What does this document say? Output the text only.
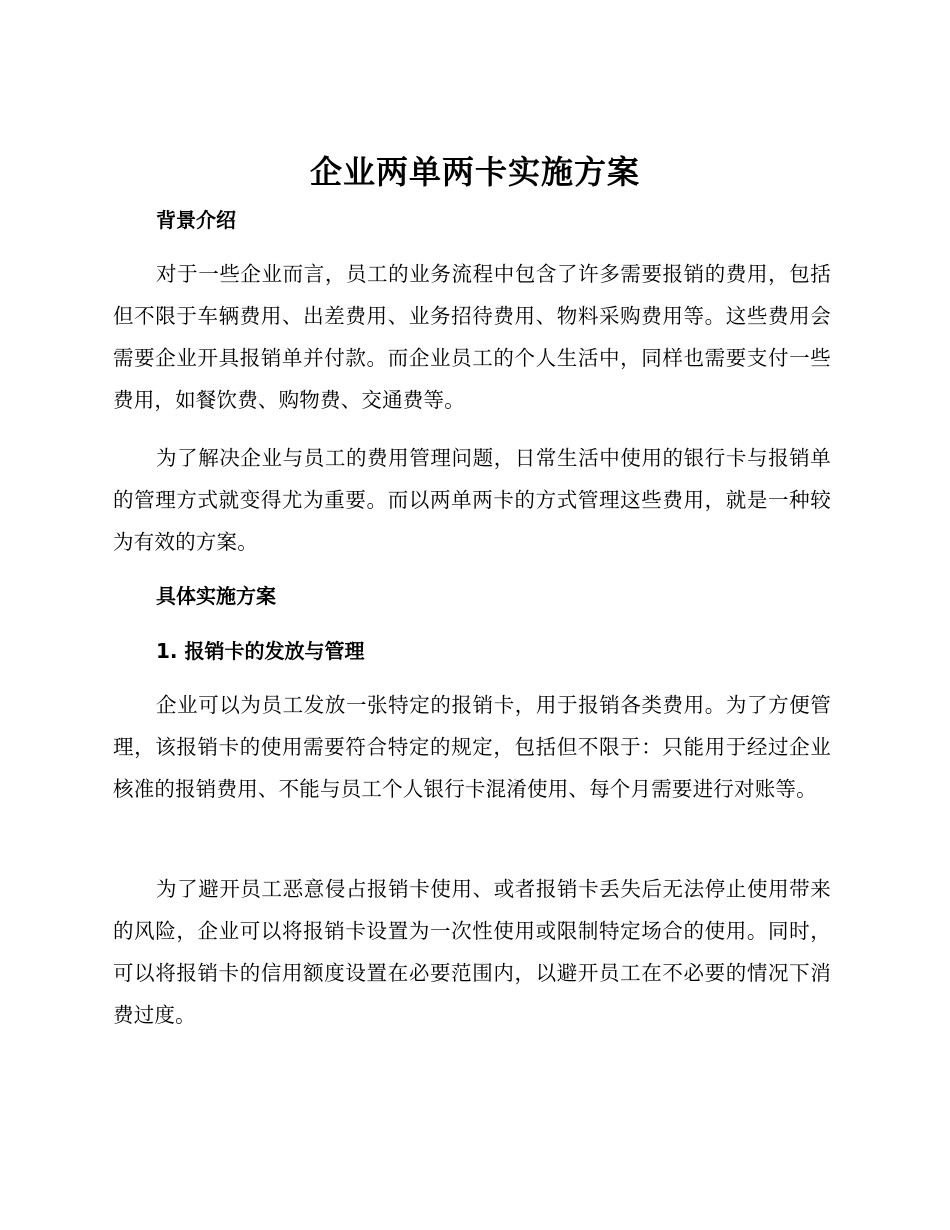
企业两单两卡实施方案
背景介绍

对于一些企业而言，员工的业务流程中包含了许多需要报销的费用，包括但不限于车辆费用、出差费用、业务招待费用、物料采购费用等。这些费用会需要企业开具报销单并付款。而企业员工的个人生活中，同样也需要支付一些费用，如餐饮费、购物费、交通费等。

为了解决企业与员工的费用管理问题，日常生活中使用的银行卡与报销单的管理方式就变得尤为重要。而以两单两卡的方式管理这些费用，就是一种较为有效的方案。

具体实施方案
1. 报销卡的发放与管理

企业可以为员工发放一张特定的报销卡，用于报销各类费用。为了方便管理，该报销卡的使用需要符合特定的规定，包括但不限于：只能用于经过企业核准的报销费用、不能与员工个人银行卡混淆使用、每个月需要进行对账等。

为了避开员工恶意侵占报销卡使用、或者报销卡丢失后无法停止使用带来的风险，企业可以将报销卡设置为一次性使用或限制特定场合的使用。同时，可以将报销卡的信用额度设置在必要范围内，以避开员工在不必要的情况下消费过度。
